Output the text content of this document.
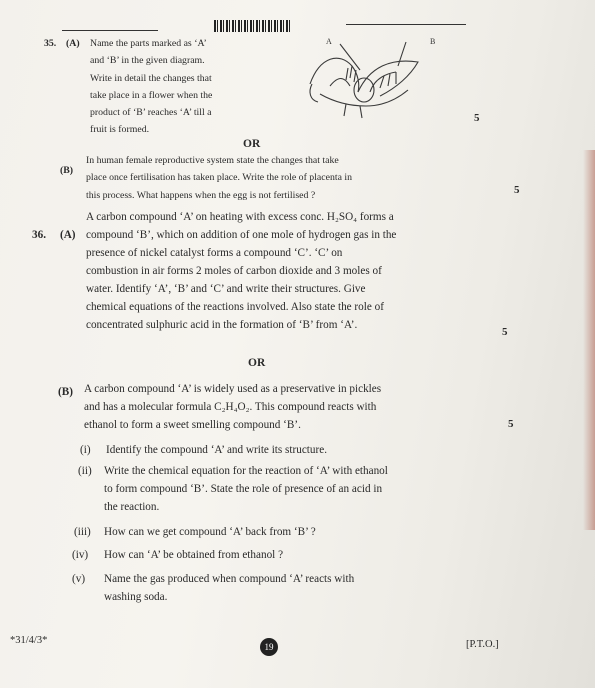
35. (A) Name the parts marked as ‘A’
and ‘B’ in the given diagram.
Write in detail the changes that
take place in a flower when the
product of ‘B’ reaches ‘A’ till a
fruit is formed.
A	B
5
OR
(B)
In human female reproductive system state the changes that take
place once fertilisation has taken place. Write the role of placenta in
this process. What happens when the egg is not fertilised ?	5
36. (A)
A carbon compound ‘A’ on heating with excess conc. H₂SO₄ forms a
compound ‘B’, which on addition of one mole of hydrogen gas in the
presence of nickel catalyst forms a compound ‘C’. ‘C’ on
combustion in air forms 2 moles of carbon dioxide and 3 moles of
water. Identify ‘A’, ‘B’ and ‘C’ and write their structures. Give
chemical equations of the reactions involved. Also state the role of
concentrated sulphuric acid in the formation of ‘B’ from ‘A’.
5
OR
(B) A carbon compound ‘A’ is widely used as a preservative in pickles
and has a molecular formula C₂H₄O₂. This compound reacts with
ethanol to form a sweet smelling compound ‘B’.	5
(i) Identify the compound ‘A’ and write its structure.
(ii) Write the chemical equation for the reaction of ‘A’ with ethanol
to form compound ‘B’. State the role of presence of an acid in
the reaction.
(iii) How can we get compound ‘A’ back from ‘B’ ?
(iv) How can ‘A’ be obtained from ethanol ?
(v) Name the gas produced when compound ‘A’ reacts with
washing soda.
*31/4/3*
19	[P.T.O.]
